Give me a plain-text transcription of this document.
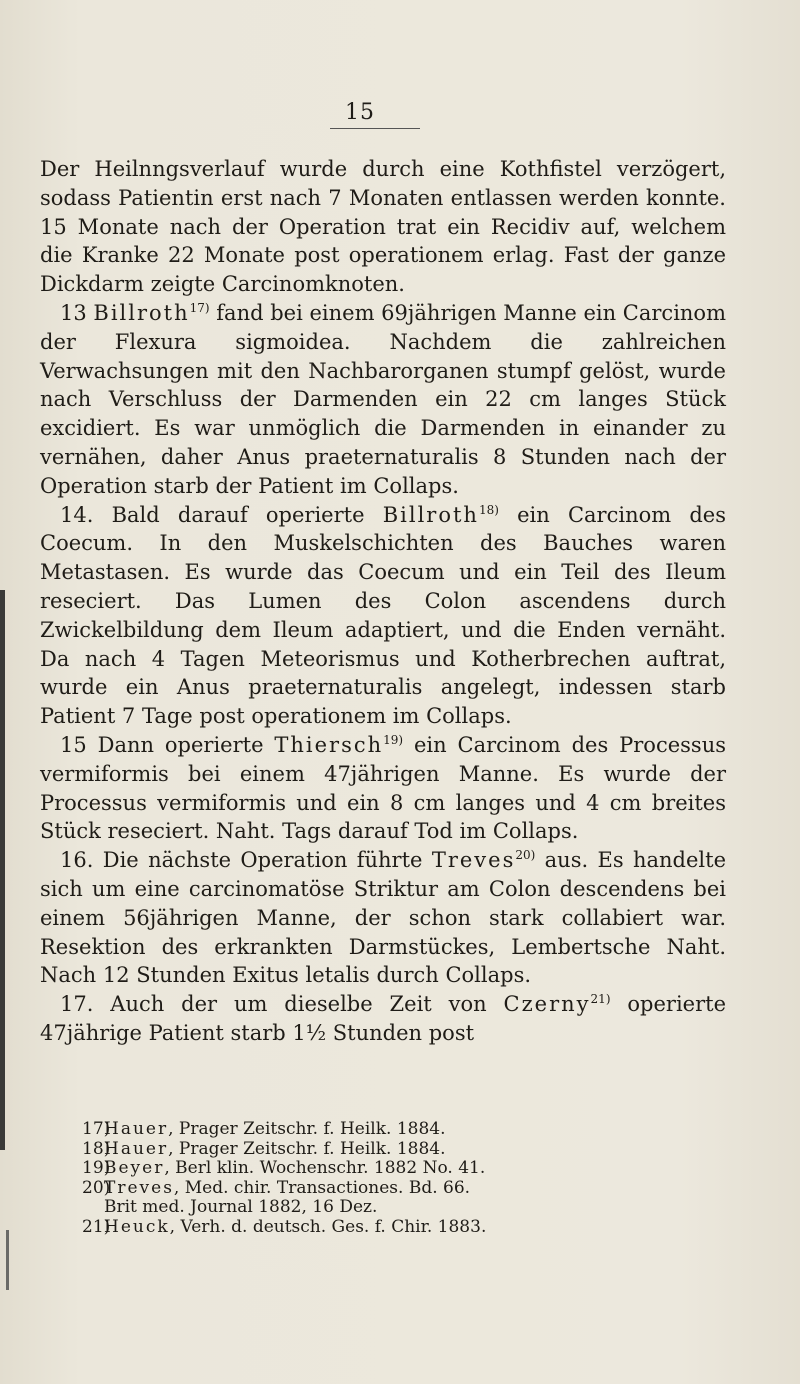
15

Der Heilnngsverlauf wurde durch eine Kothfistel verzögert, sodass Patientin erst nach 7 Monaten entlassen werden konnte. 15 Monate nach der Operation trat ein Recidiv auf, welchem die Kranke 22 Monate post operationem erlag. Fast der ganze Dickdarm zeigte Carcinomknoten.

13 Billroth$^{17)}$ fand bei einem 69jährigen Manne ein Carcinom der Flexura sigmoidea. Nachdem die zahlreichen Verwachsungen mit den Nachbarorganen stumpf gelöst, wurde nach Verschluss der Darmenden ein 22 cm langes Stück excidiert. Es war unmöglich die Darmenden in einander zu vernähen, daher Anus praeternaturalis 8 Stunden nach der Operation starb der Patient im Collaps.

14. Bald darauf operierte Billroth$^{18)}$ ein Carcinom des Coecum. In den Muskelschichten des Bauches waren Metastasen. Es wurde das Coecum und ein Teil des Ileum reseciert. Das Lumen des Colon ascendens durch Zwickelbildung dem Ileum adaptiert, und die Enden vernäht. Da nach 4 Tagen Meteorismus und Kotherbrechen auftrat, wurde ein Anus praeternaturalis angelegt, indessen starb Patient 7 Tage post operationem im Collaps.

15 Dann operierte Thiersch$^{19)}$ ein Carcinom des Processus vermiformis bei einem 47jährigen Manne. Es wurde der Processus vermiformis und ein 8 cm langes und 4 cm breites Stück reseciert. Naht. Tags darauf Tod im Collaps.

16. Die nächste Operation führte Treves$^{20)}$ aus. Es handelte sich um eine carcinomatöse Striktur am Colon descendens bei einem 56jährigen Manne, der schon stark collabiert war. Resektion des erkrankten Darmstückes, Lembertsche Naht. Nach 12 Stunden Exitus letalis durch Collaps.

17. Auch der um dieselbe Zeit von Czerny$^{21)}$ operierte 47jährige Patient starb 1½ Stunden post

17)Hauer, Prager Zeitschr. f. Heilk. 1884.
18)Hauer, Prager Zeitschr. f. Heilk. 1884.
19)Beyer, Berl klin. Wochenschr. 1882 No. 41.
20)Treves, Med. chir. Transactiones. Bd. 66.
Brit med. Journal 1882, 16 Dez.
21)Heuck, Verh. d. deutsch. Ges. f. Chir. 1883.
